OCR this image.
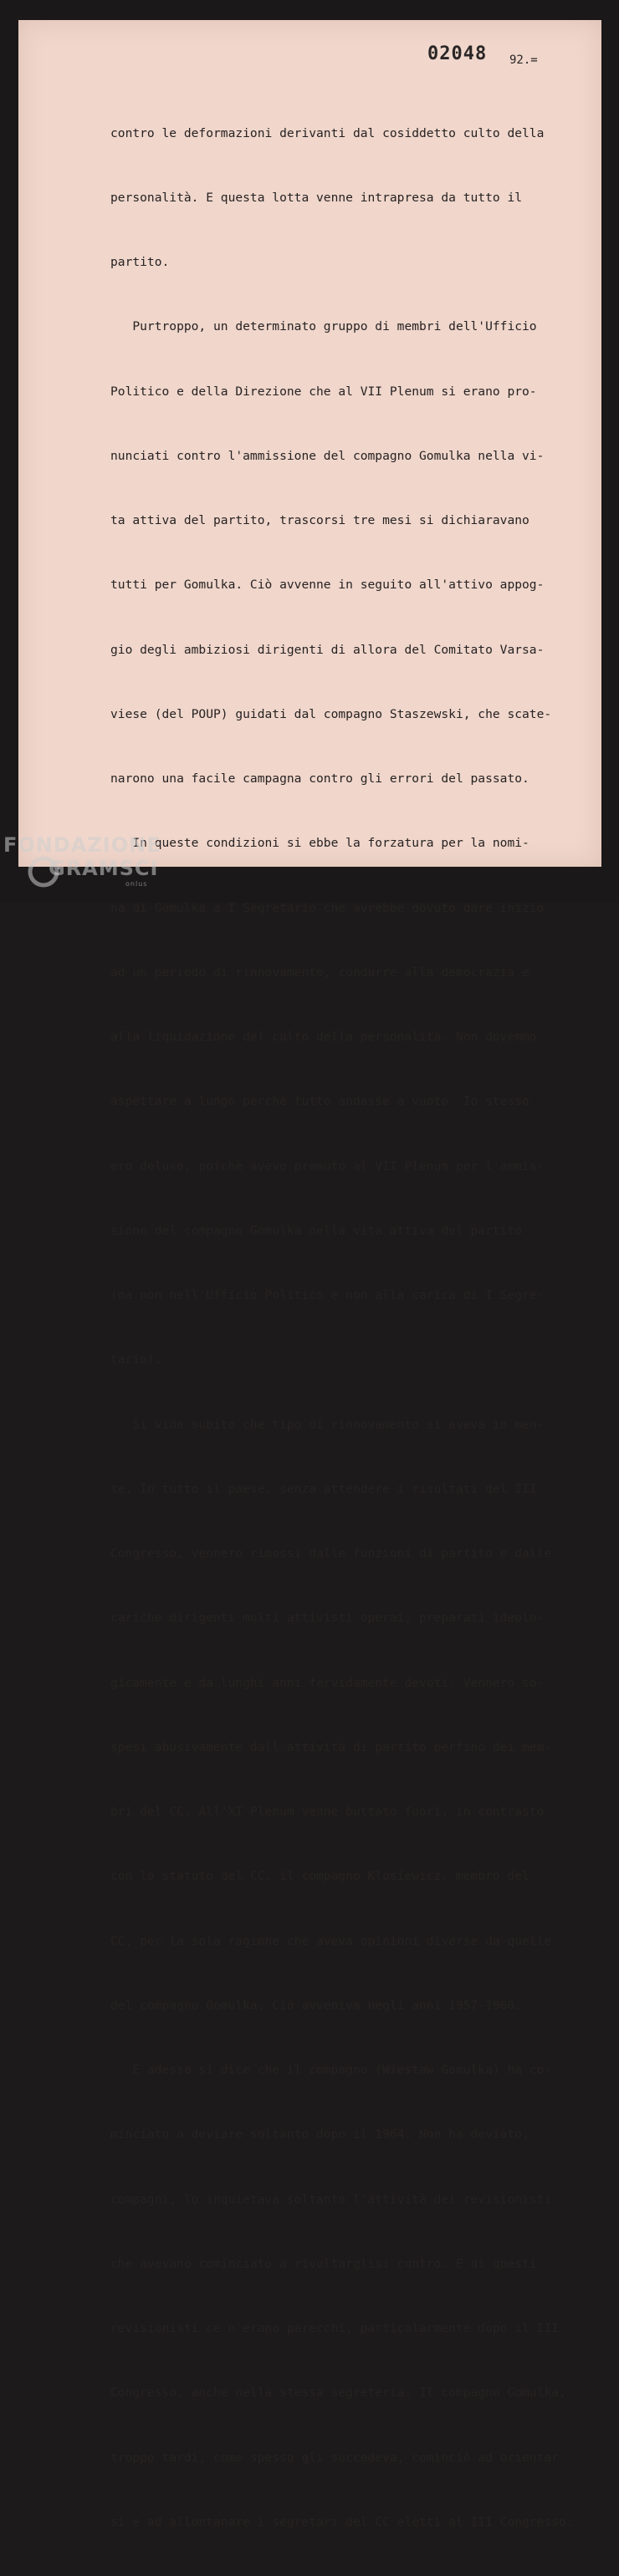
02048 92.=

contro le deformazioni derivanti dal cosiddetto culto della

personalità. E questa lotta venne intrapresa da tutto il

partito.

Purtroppo, un determinato gruppo di membri dell'Ufficio

Politico e della Direzione che al VII Plenum si erano pro-

nunciati contro l'ammissione del compagno Gomulka nella vi-

ta attiva del partito, trascorsi tre mesi si dichiaravano

tutti per Gomulka. Ciò avvenne in seguito all'attivo appog-

gio degli ambiziosi dirigenti di allora del Comitato Varsa-

viese (del POUP) guidati dal compagno Staszewski, che scate-

narono una facile campagna contro gli errori del passato.

In queste condizioni si ebbe la forzatura per la nomi-

na di Gomulka a I Segretario che avrebbe dovuto dare inizio

ad un periodo di rinnovamento, condurre alla democrazia e

alla liquidazione del culto della personalità. Non dovemmo

aspettare a lungo perchè tutto andasse a vuoto. Io stesso

ero deluso, poichè avevo premuto al VII Plenum per l'ammis-

sione del compagno Gomulka nella vita attiva del partito

(ma non nell'Ufficio Politico e non alla carica di I Segre-

tario).

Si vide subito che tipo di rinnovamento si aveva in men-

te. In tutto il paese, senza attendere i risultati del III

Congresso, vennero rimossi dalle funzioni di partito e dalle

cariche dirigenti molti attivisti operai, preparati ideolo-

gicamente e da lunghi anni fervidamente devoti. Vennero so-

spesi abusivamente dall'attività di partito perfino dei mem-

bri del CC. All'XI Plenum venne buttato fuori, in contrasto

con lo statuto del CC, il compagno Klosiewicz, membro del

CC, per la sola ragione che aveva opinioni diverse da quelle

del compagno Gomulka. Ciò avveniva negli anni 1957-1960.

E adesso si dice che il compagno (Wiestaw Gomulka) ha co-

minciato a deviare soltanto dopo il 1964. Non ha deviato,

compagni, lo inquietava soltanto l'attività dei revisionisti

che avevano cominciato a rivoltarglisi contro. E di questi

revisionisti ce n'erano parecchi, particolarmente dopo il III

Congresso, anche nella stessa segreteria. Il compagno Gomulka,

troppo tardi, come spesso gli succedeva, cominciò ad orientar

si e ad allontanare i segretari del CC eletti al III Congresso.

FONDAZIONE
GRAMSCI
onlus
